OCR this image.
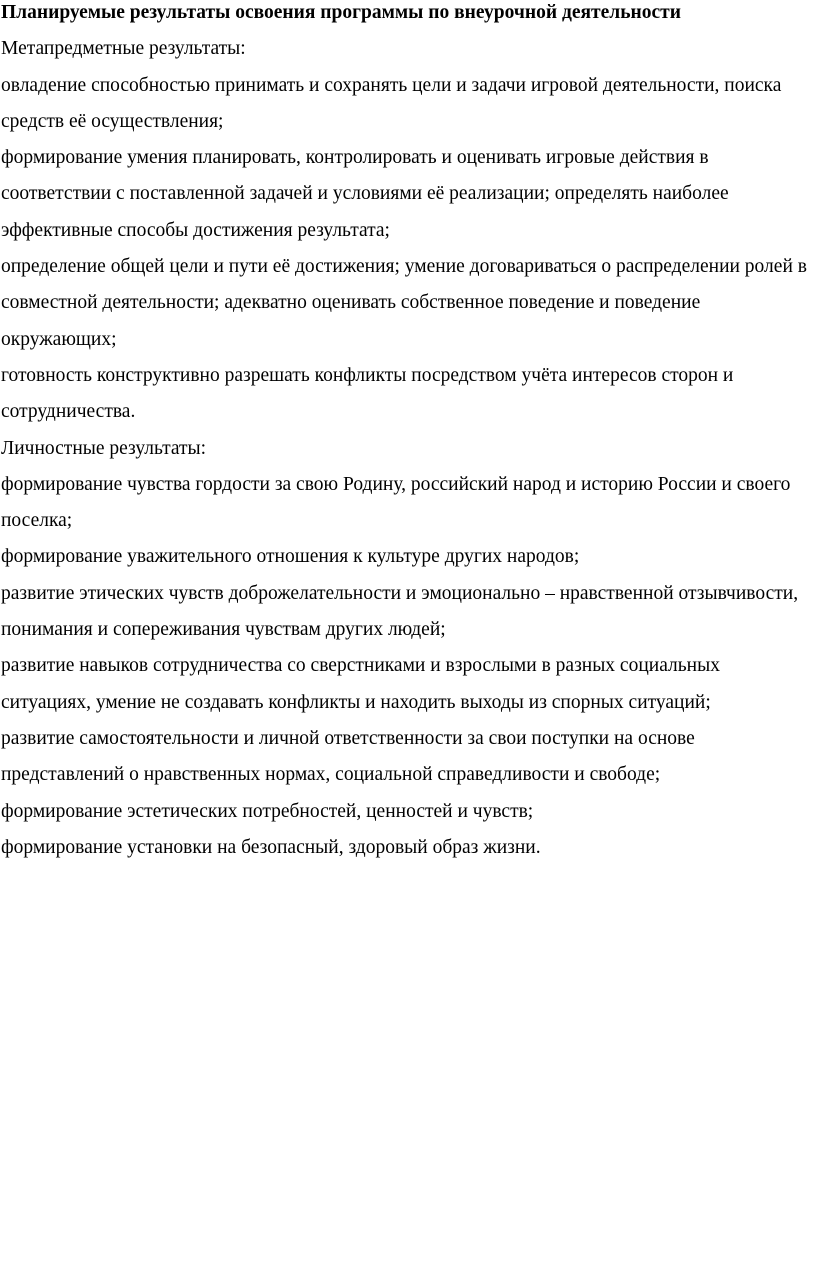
Планируемые результаты освоения программы по внеурочной деятельности

Метапредметные результаты:

овладение способностью принимать и сохранять цели и задачи игровой деятельности, поиска средств её осуществления;

формирование умения планировать, контролировать и оценивать игровые действия в соответствии с поставленной задачей и условиями её реализации; определять наиболее эффективные способы достижения результата;

определение общей цели и пути её достижения; умение договариваться о распределении ролей в совместной деятельности; адекватно оценивать собственное поведение и поведение окружающих;

готовность конструктивно разрешать конфликты посредством учёта интересов сторон и сотрудничества.

Личностные результаты:

формирование чувства гордости за свою Родину, российский народ и историю России и своего поселка;

формирование уважительного отношения к культуре других народов;

развитие этических чувств доброжелательности и эмоционально – нравственной отзывчивости, понимания и сопереживания чувствам других людей;

развитие навыков сотрудничества со сверстниками и взрослыми в разных социальных ситуациях, умение не создавать конфликты и находить выходы из спорных ситуаций;

развитие самостоятельности и личной ответственности за свои поступки на основе представлений о нравственных нормах, социальной справедливости и свободе;

формирование эстетических потребностей, ценностей и чувств;

формирование установки на безопасный, здоровый образ жизни.
